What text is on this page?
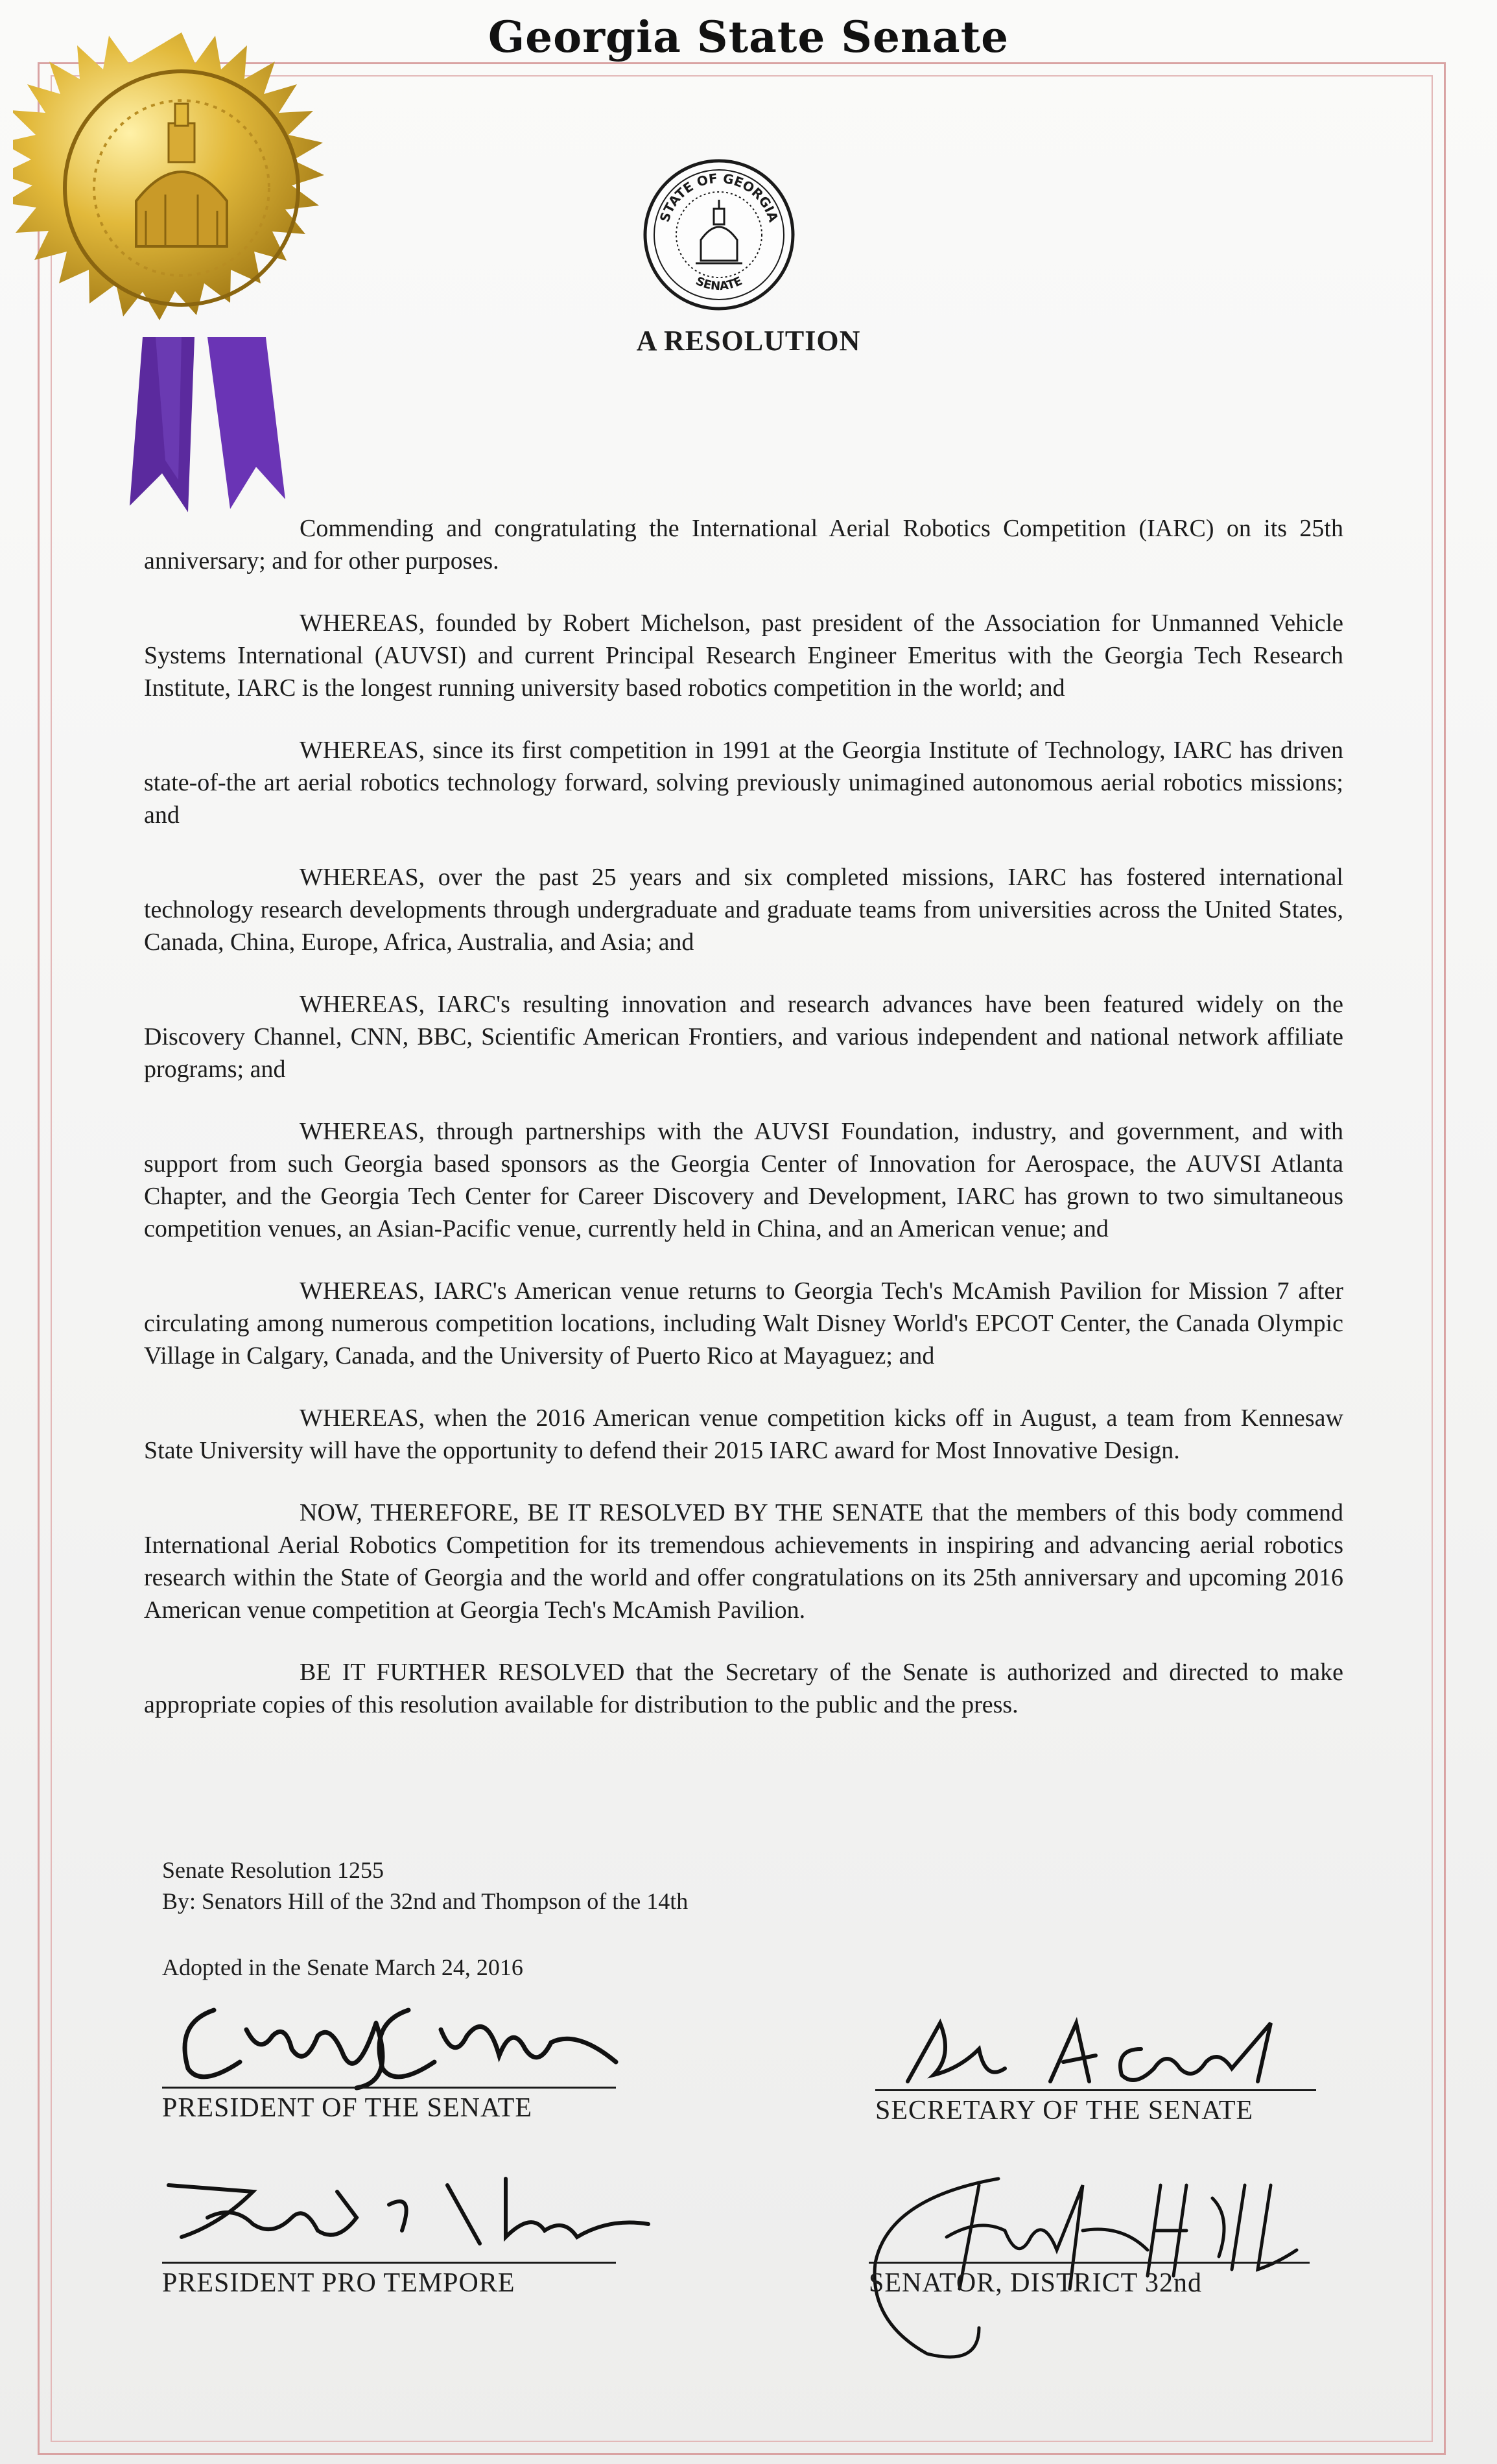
Georgia State Senate
STATE OF GEORGIA
SENATE
A RESOLUTION

Commending and congratulating the International Aerial Robotics Competition (IARC) on its 25th anniversary; and for other purposes.

WHEREAS, founded by Robert Michelson, past president of the Association for Unmanned Vehicle Systems International (AUVSI) and current Principal Research Engineer Emeritus with the Georgia Tech Research Institute, IARC is the longest running university based robotics competition in the world; and

WHEREAS, since its first competition in 1991 at the Georgia Institute of Technology, IARC has driven state-of-the art aerial robotics technology forward, solving previously unimagined autonomous aerial robotics missions; and

WHEREAS, over the past 25 years and six completed missions, IARC has fostered international technology research developments through undergraduate and graduate teams from universities across the United States, Canada, China, Europe, Africa, Australia, and Asia; and

WHEREAS, IARC's resulting innovation and research advances have been featured widely on the Discovery Channel, CNN, BBC, Scientific American Frontiers, and various independent and national network affiliate programs; and

WHEREAS, through partnerships with the AUVSI Foundation, industry, and government, and with support from such Georgia based sponsors as the Georgia Center of Innovation for Aerospace, the AUVSI Atlanta Chapter, and the Georgia Tech Center for Career Discovery and Development, IARC has grown to two simultaneous competition venues, an Asian-Pacific venue, currently held in China, and an American venue; and

WHEREAS, IARC's American venue returns to Georgia Tech's McAmish Pavilion for Mission 7 after circulating among numerous competition locations, including Walt Disney World's EPCOT Center, the Canada Olympic Village in Calgary, Canada, and the University of Puerto Rico at Mayaguez; and

WHEREAS, when the 2016 American venue competition kicks off in August, a team from Kennesaw State University will have the opportunity to defend their 2015 IARC award for Most Innovative Design.

NOW, THEREFORE, BE IT RESOLVED BY THE SENATE that the members of this body commend International Aerial Robotics Competition for its tremendous achievements in inspiring and advancing aerial robotics research within the State of Georgia and the world and offer congratulations on its 25th anniversary and upcoming 2016 American venue competition at Georgia Tech's McAmish Pavilion.

BE IT FURTHER RESOLVED that the Secretary of the Senate is authorized and directed to make appropriate copies of this resolution available for distribution to the public and the press.

Senate Resolution 1255
By: Senators Hill of the 32nd and Thompson of the 14th
Adopted in the Senate March 24, 2016
PRESIDENT OF THE SENATE	SECRETARY OF THE SENATE
PRESIDENT PRO TEMPORE	SENATOR, DISTRICT 32nd
